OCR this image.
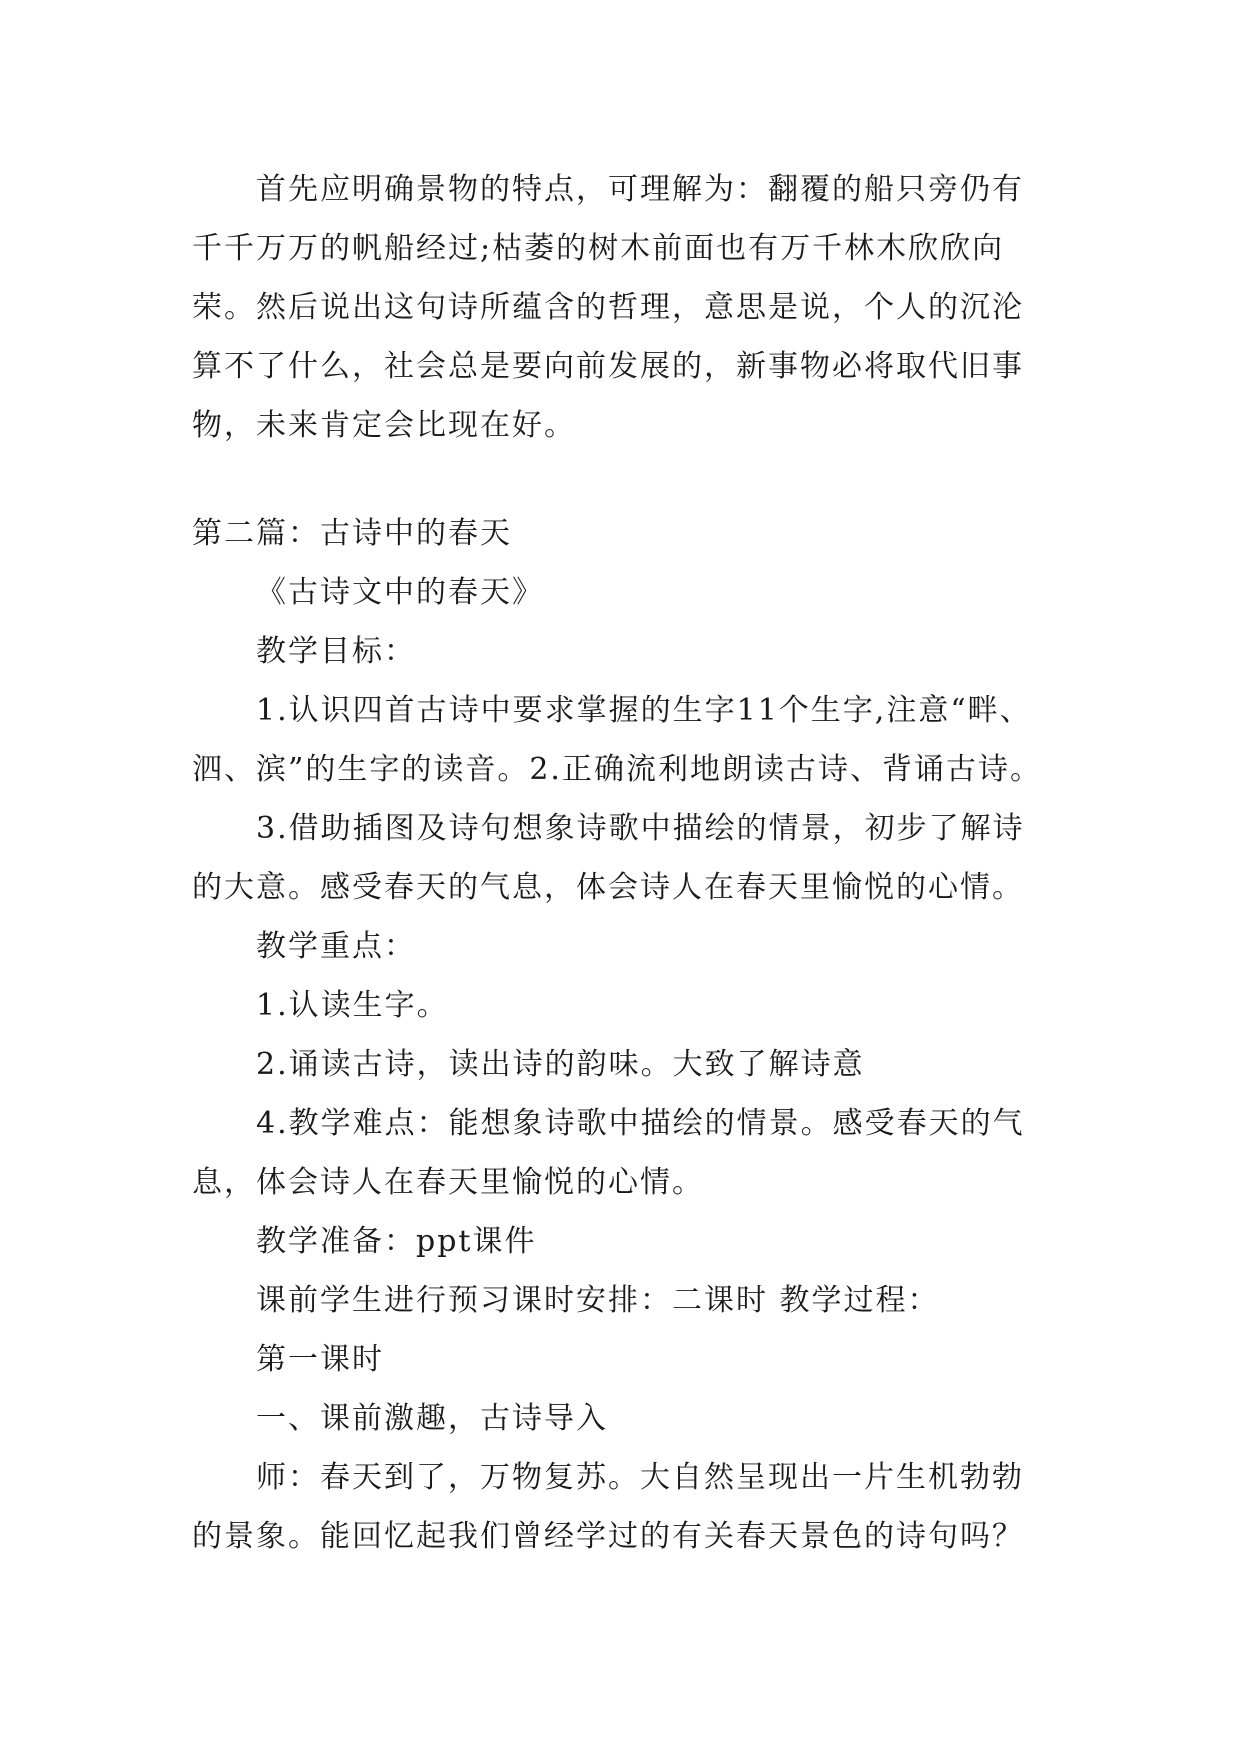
首先应明确景物的特点，可理解为：翻覆的船只旁仍有千千万万的帆船经过;枯萎的树木前面也有万千林木欣欣向荣。然后说出这句诗所蕴含的哲理，意思是说，个人的沉沦算不了什么，社会总是要向前发展的，新事物必将取代旧事物，未来肯定会比现在好。

第二篇：古诗中的春天

《古诗文中的春天》

教学目标：

1.认识四首古诗中要求掌握的生字11个生字,注意“畔、泗、滨”的生字的读音。2.正确流利地朗读古诗、背诵古诗。

3.借助插图及诗句想象诗歌中描绘的情景，初步了解诗的大意。感受春天的气息，体会诗人在春天里愉悦的心情。

教学重点：

1.认读生字。

2.诵读古诗，读出诗的韵味。大致了解诗意

4.教学难点：能想象诗歌中描绘的情景。感受春天的气息，体会诗人在春天里愉悦的心情。

教学准备：ppt课件

课前学生进行预习课时安排：二课时 教学过程：

第一课时

一、课前激趣，古诗导入

师：春天到了，万物复苏。大自然呈现出一片生机勃勃的景象。能回忆起我们曾经学过的有关春天景色的诗句吗？
